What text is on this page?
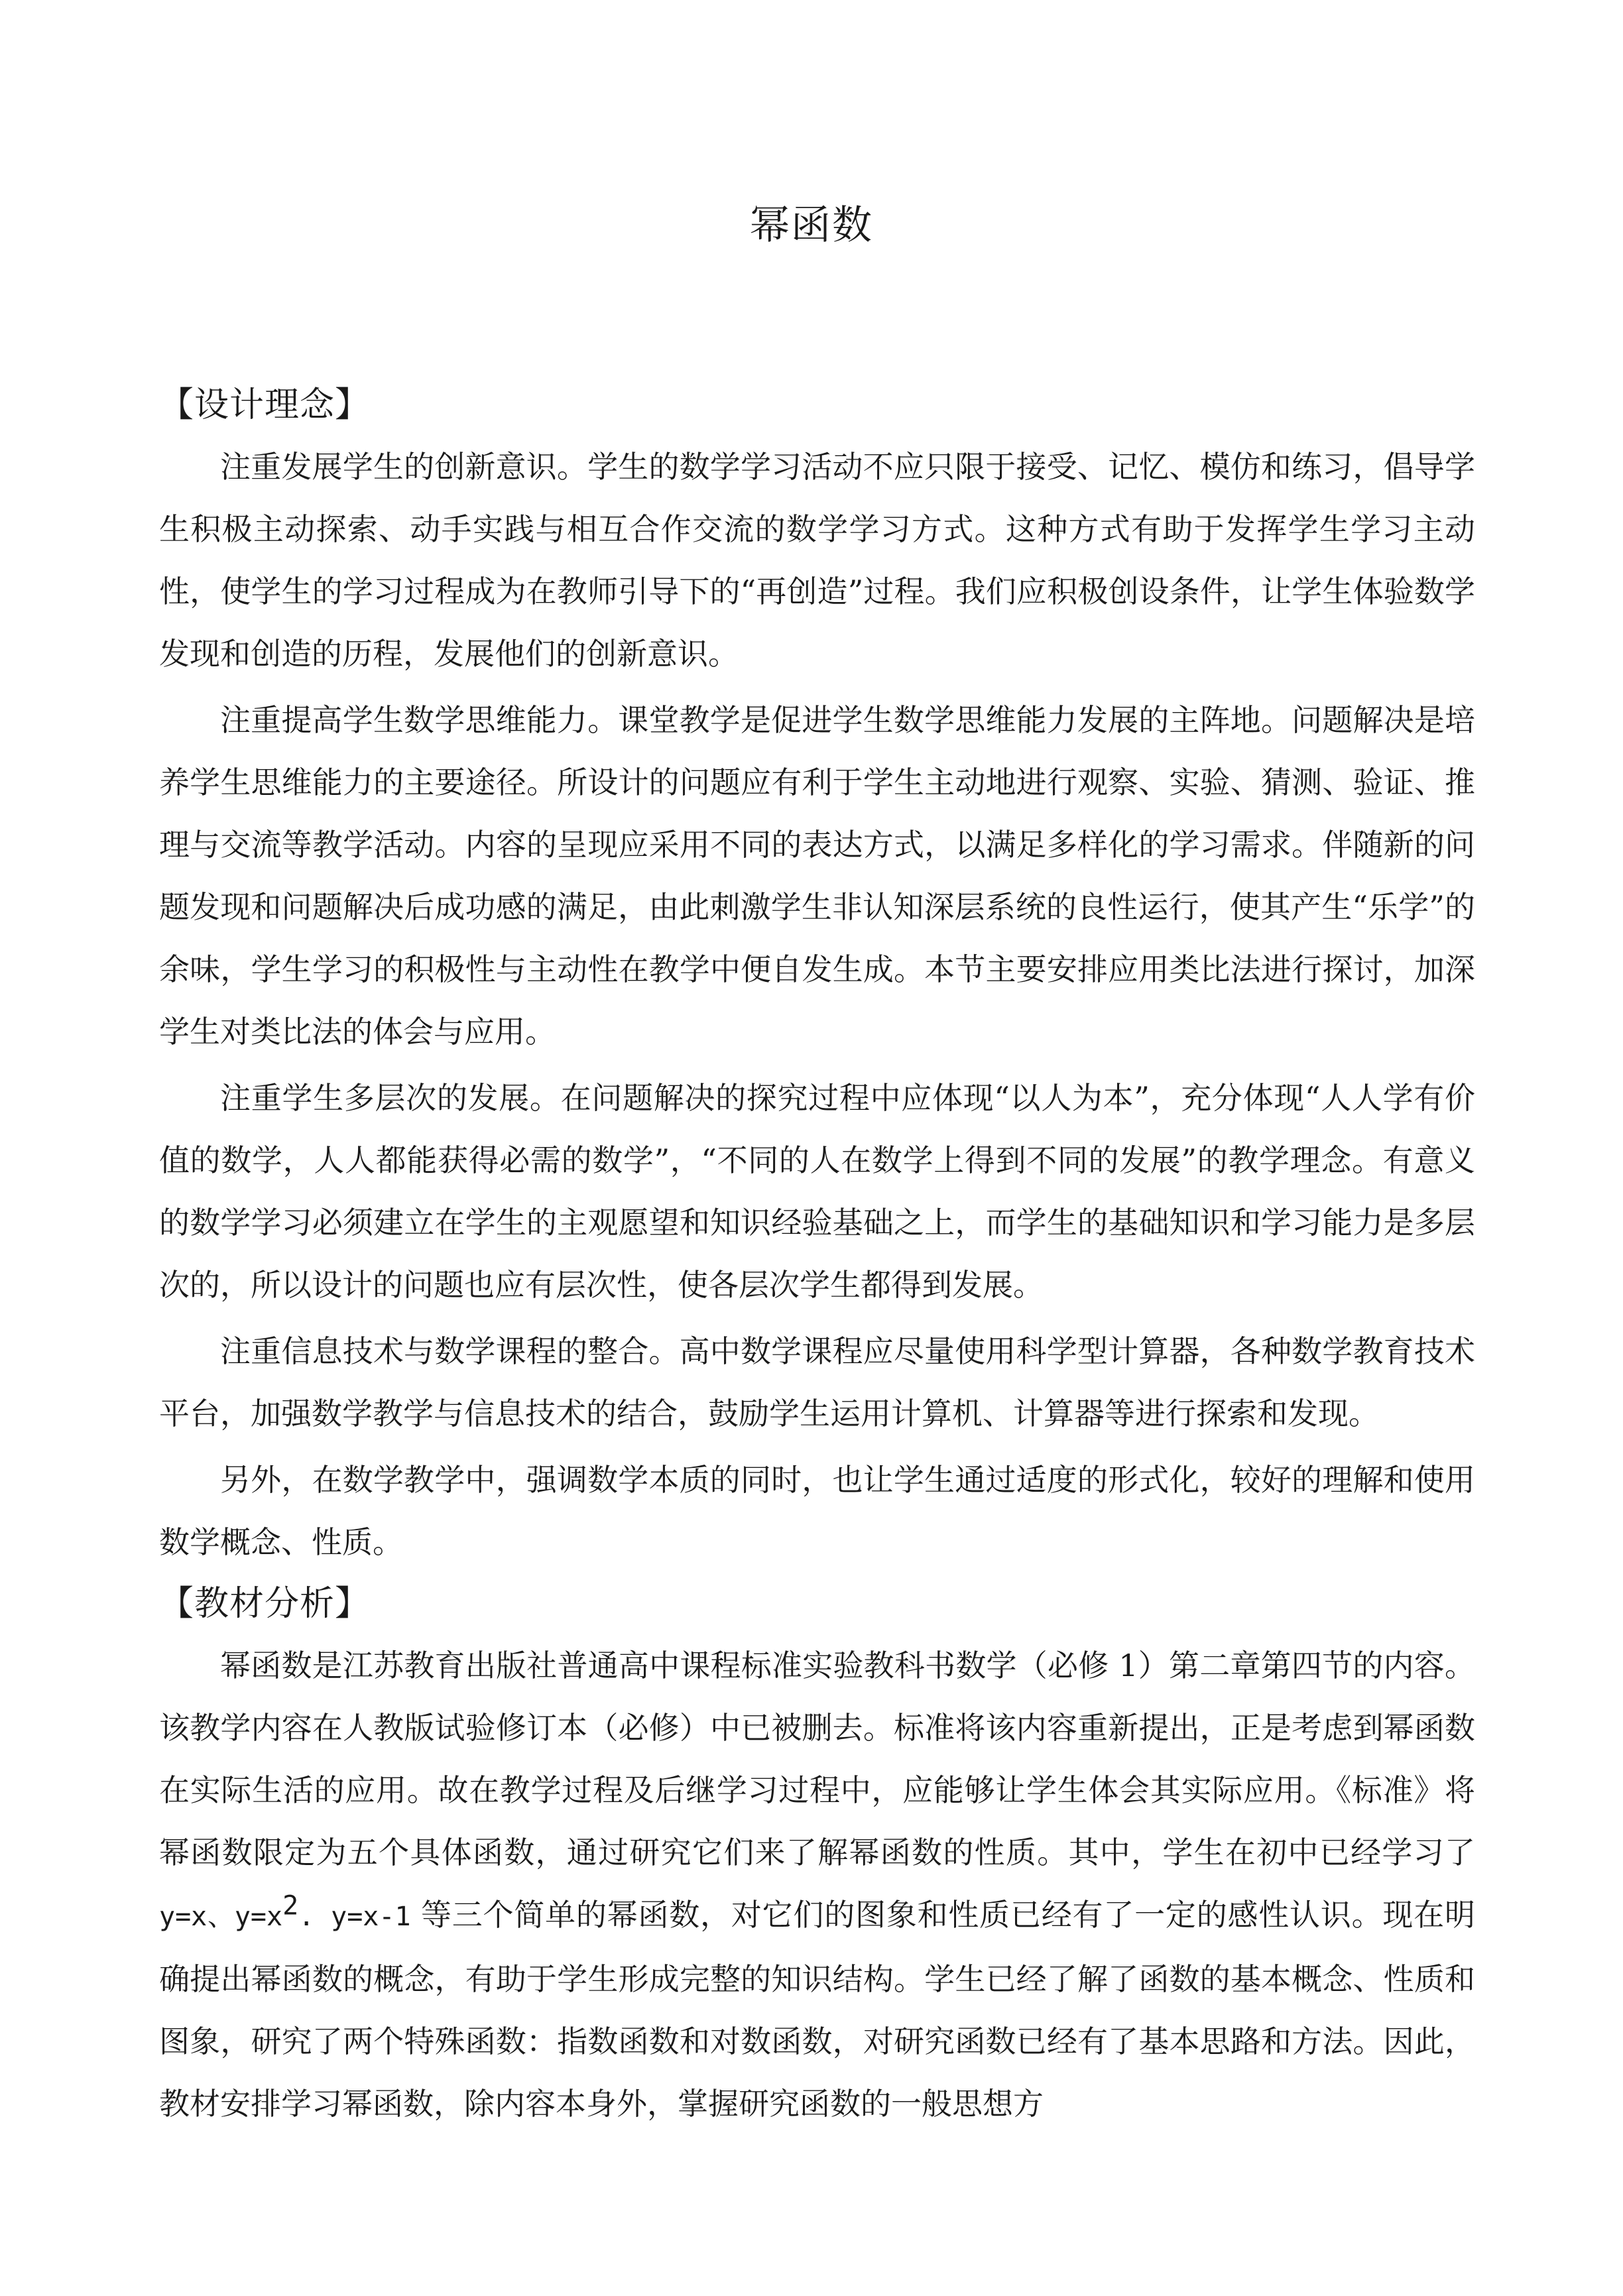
幂函数
【设计理念】

注重发展学生的创新意识。学生的数学学习活动不应只限于接受、记忆、模仿和练习，倡导学生积极主动探索、动手实践与相互合作交流的数学学习方式。这种方式有助于发挥学生学习主动性，使学生的学习过程成为在教师引导下的“再创造”过程。我们应积极创设条件，让学生体验数学发现和创造的历程，发展他们的创新意识。

注重提高学生数学思维能力。课堂教学是促进学生数学思维能力发展的主阵地。问题解决是培养学生思维能力的主要途径。所设计的问题应有利于学生主动地进行观察、实验、猜测、验证、推理与交流等教学活动。内容的呈现应采用不同的表达方式，以满足多样化的学习需求。伴随新的问题发现和问题解决后成功感的满足，由此刺激学生非认知深层系统的良性运行，使其产生“乐学”的余味，学生学习的积极性与主动性在教学中便自发生成。本节主要安排应用类比法进行探讨，加深学生对类比法的体会与应用。

注重学生多层次的发展。在问题解决的探究过程中应体现“以人为本”，充分体现“人人学有价值的数学，人人都能获得必需的数学”，“不同的人在数学上得到不同的发展”的教学理念。有意义的数学学习必须建立在学生的主观愿望和知识经验基础之上，而学生的基础知识和学习能力是多层次的，所以设计的问题也应有层次性，使各层次学生都得到发展。

注重信息技术与数学课程的整合。高中数学课程应尽量使用科学型计算器，各种数学教育技术平台，加强数学教学与信息技术的结合，鼓励学生运用计算机、计算器等进行探索和发现。

另外，在数学教学中，强调数学本质的同时，也让学生通过适度的形式化，较好的理解和使用数学概念、性质。

【教材分析】

幂函数是江苏教育出版社普通高中课程标准实验教科书数学（必修 1）第二章第四节的内容。该教学内容在人教版试验修订本（必修）中已被删去。标准将该内容重新提出，正是考虑到幂函数在实际生活的应用。故在教学过程及后继学习过程中，应能够让学生体会其实际应用。《标准》将幂函数限定为五个具体函数，通过研究它们来了解幂函数的性质。其中，学生在初中已经学习了 y=x、$y=x^2$. y=x-1 等三个简单的幂函数，对它们的图象和性质已经有了一定的感性认识。现在明确提出幂函数的概念，有助于学生形成完整的知识结构。学生已经了解了函数的基本概念、性质和图象，研究了两个特殊函数：指数函数和对数函数，对研究函数已经有了基本思路和方法。因此，教材安排学习幂函数，除内容本身外，掌握研究函数的一般思想方
